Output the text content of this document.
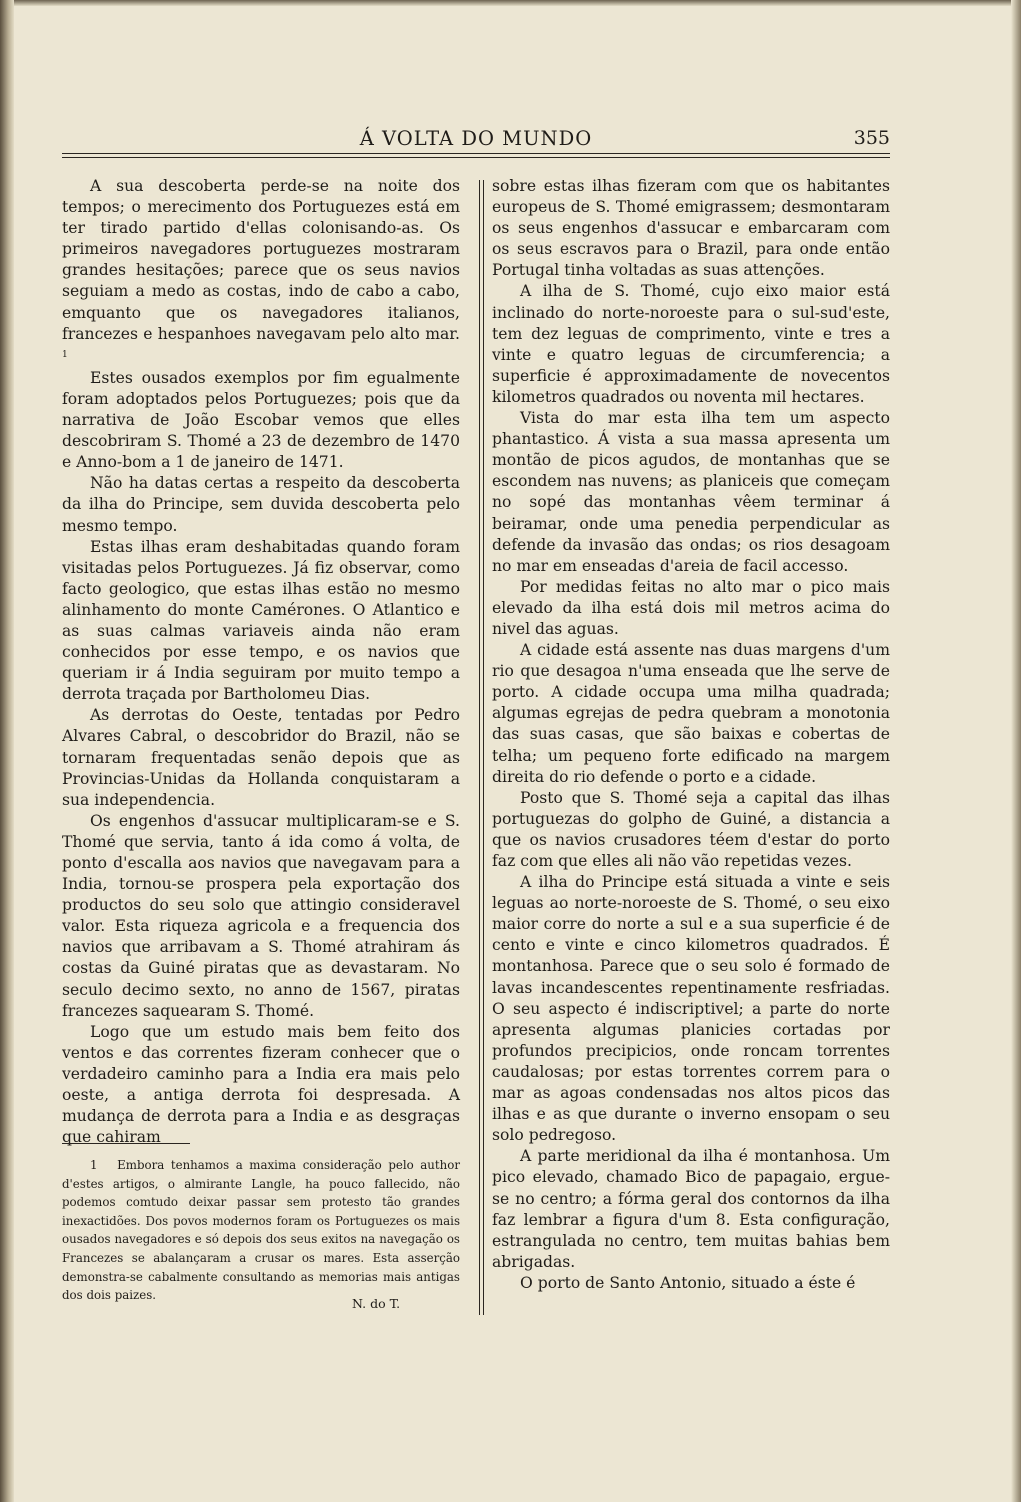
Á VOLTA DO MUNDO	355

A sua descoberta perde-se na noite dos tempos; o merecimento dos Portuguezes está em ter tirado partido d'ellas colonisando-as. Os primeiros navegadores portuguezes mostraram grandes hesitações; parece que os seus navios seguiam a medo as costas, indo de cabo a cabo, emquanto que os navegadores italianos, francezes e hespanhoes navegavam pelo alto mar. $^1$

Estes ousados exemplos por fim egualmente foram adoptados pelos Portuguezes; pois que da narrativa de João Escobar vemos que elles descobriram S. Thomé a 23 de dezembro de 1470 e Anno-bom a 1 de janeiro de 1471.

Não ha datas certas a respeito da descoberta da ilha do Principe, sem duvida descoberta pelo mesmo tempo.

Estas ilhas eram deshabitadas quando foram visitadas pelos Portuguezes. Já fiz observar, como facto geologico, que estas ilhas estão no mesmo alinhamento do monte Camérones. O Atlantico e as suas calmas variaveis ainda não eram conhecidos por esse tempo, e os navios que queriam ir á India seguiram por muito tempo a derrota traçada por Bartholomeu Dias.

As derrotas do Oeste, tentadas por Pedro Alvares Cabral, o descobridor do Brazil, não se tornaram frequentadas senão depois que as Provincias-Unidas da Hollanda conquistaram a sua independencia.

Os engenhos d'assucar multiplicaram-se e S. Thomé que servia, tanto á ida como á volta, de ponto d'escalla aos navios que navegavam para a India, tornou-se prospera pela exportação dos productos do seu solo que attingio consideravel valor. Esta riqueza agricola e a frequencia dos navios que arribavam a S. Thomé atrahiram ás costas da Guiné piratas que as devastaram. No seculo decimo sexto, no anno de 1567, piratas francezes saquearam S. Thomé.

Logo que um estudo mais bem feito dos ventos e das correntes fizeram conhecer que o verdadeiro caminho para a India era mais pelo oeste, a antiga derrota foi despresada. A mudança de derrota para a India e as desgraças que cahiram

1 Embora tenhamos a maxima consideração pelo author d'estes artigos, o almirante Langle, ha pouco fallecido, não podemos comtudo deixar passar sem protesto tão grandes inexactidões. Dos povos modernos foram os Portuguezes os mais ousados navegadores e só depois dos seus exitos na navegação os Francezes se abalançaram a crusar os mares. Esta asserção demonstra-se cabalmente consultando as memorias mais antigas dos dois paizes.

N. do T.

sobre estas ilhas fizeram com que os habitantes europeus de S. Thomé emigrassem; desmontaram os seus engenhos d'assucar e embarcaram com os seus escravos para o Brazil, para onde então Portugal tinha voltadas as suas attenções.

A ilha de S. Thomé, cujo eixo maior está inclinado do norte-noroeste para o sul-sud'este, tem dez leguas de comprimento, vinte e tres a vinte e quatro leguas de circumferencia; a superficie é approximadamente de novecentos kilometros quadrados ou noventa mil hectares.

Vista do mar esta ilha tem um aspecto phantastico. Á vista a sua massa apresenta um montão de picos agudos, de montanhas que se escondem nas nuvens; as planiceis que começam no sopé das montanhas vêem terminar á beiramar, onde uma penedia perpendicular as defende da invasão das ondas; os rios desagoam no mar em enseadas d'areia de facil accesso.

Por medidas feitas no alto mar o pico mais elevado da ilha está dois mil metros acima do nivel das aguas.

A cidade está assente nas duas margens d'um rio que desagoa n'uma enseada que lhe serve de porto. A cidade occupa uma milha quadrada; algumas egrejas de pedra quebram a monotonia das suas casas, que são baixas e cobertas de telha; um pequeno forte edificado na margem direita do rio defende o porto e a cidade.

Posto que S. Thomé seja a capital das ilhas portuguezas do golpho de Guiné, a distancia a que os navios crusadores téem d'estar do porto faz com que elles ali não vão repetidas vezes.

A ilha do Principe está situada a vinte e seis leguas ao norte-noroeste de S. Thomé, o seu eixo maior corre do norte a sul e a sua superficie é de cento e vinte e cinco kilometros quadrados. É montanhosa. Parece que o seu solo é formado de lavas incandescentes repentinamente resfriadas. O seu aspecto é indiscriptivel; a parte do norte apresenta algumas planicies cortadas por profundos precipicios, onde roncam torrentes caudalosas; por estas torrentes correm para o mar as agoas condensadas nos altos picos das ilhas e as que durante o inverno ensopam o seu solo pedregoso.

A parte meridional da ilha é montanhosa. Um pico elevado, chamado Bico de papagaio, ergue-se no centro; a fórma geral dos contornos da ilha faz lembrar a figura d'um 8. Esta configuração, estrangulada no centro, tem muitas bahias bem abrigadas.

O porto de Santo Antonio, situado a éste é
